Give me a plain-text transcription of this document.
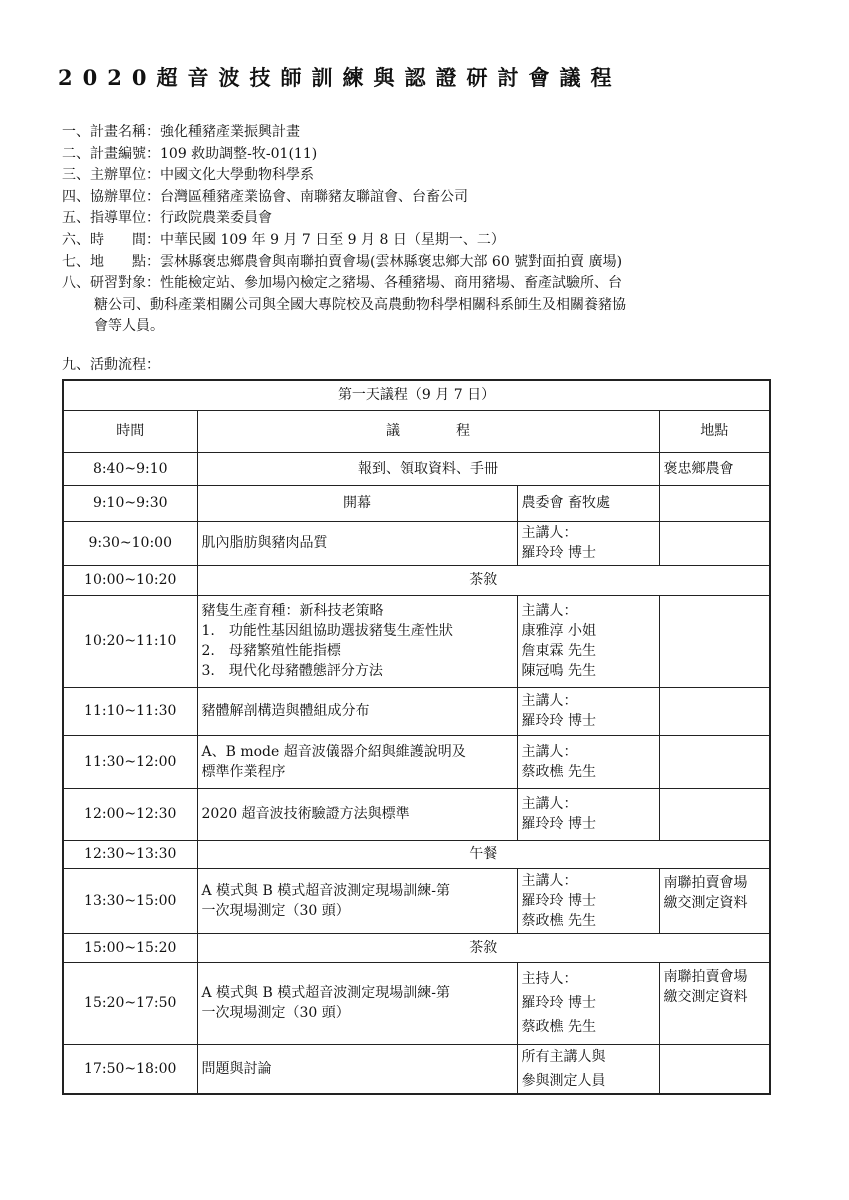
2020超音波技師訓練與認證研討會議程
一、計畫名稱：強化種豬產業振興計畫
二、計畫編號：109 救助調整-牧-01(11)
三、主辦單位：中國文化大學動物科學系
四、協辦單位：台灣區種豬產業協會、南聯豬友聯誼會、台畜公司
五、指導單位：行政院農業委員會
六、時　　間：中華民國 109 年 9 月 7 日至 9 月 8 日（星期一、二）
七、地　　點：雲林縣褒忠鄉農會與南聯拍賣會場(雲林縣褒忠鄉大部 60 號對面拍賣 廣場)
八、研習對象：性能檢定站、參加場內檢定之豬場、各種豬場、商用豬場、畜產試驗所、台
糖公司、動科產業相關公司與全國大專院校及高農動物科學相關科系師生及相關養豬協
會等人員。
九、活動流程：
第一天議程（9 月 7 日）			
時間	議　　　　程		地點
8:40~9:10	報到、領取資料、手冊		褒忠鄉農會
9:10~9:30	開幕	農委會 畜牧處	
9:30~10:00	肌內脂肪與豬肉品質	主講人：
羅玲玲 博士	

10:00~10:20	茶敘		
10:20~11:10	豬隻生產育種：新科技老策略
1.　功能性基因組協助選拔豬隻生產性狀
2.　母豬繁殖性能指標
3.　現代化母豬體態評分方法	主講人：
康雅淳 小姐
詹東霖 先生
陳冠鳴 先生	

11:10~11:30	豬體解剖構造與體組成分布	主講人：
羅玲玲 博士	

11:30~12:00	A、B mode 超音波儀器介紹與維護說明及
標準作業程序	主講人：
蔡政樵 先生	

12:00~12:30	2020 超音波技術驗證方法與標準	主講人：
羅玲玲 博士	

12:30~13:30	午餐		
13:30~15:00	A 模式與 B 模式超音波測定現場訓練-第
一次現場測定（30 頭）	主講人：
羅玲玲 博士
蔡政樵 先生	南聯拍賣會場
繳交測定資料

15:00~15:20	茶敘		
15:20~17:50	A 模式與 B 模式超音波測定現場訓練-第
一次現場測定（30 頭）	主持人：
羅玲玲 博士
蔡政樵 先生	南聯拍賣會場
繳交測定資料

17:50~18:00	問題與討論	所有主講人與
參與測定人員	
